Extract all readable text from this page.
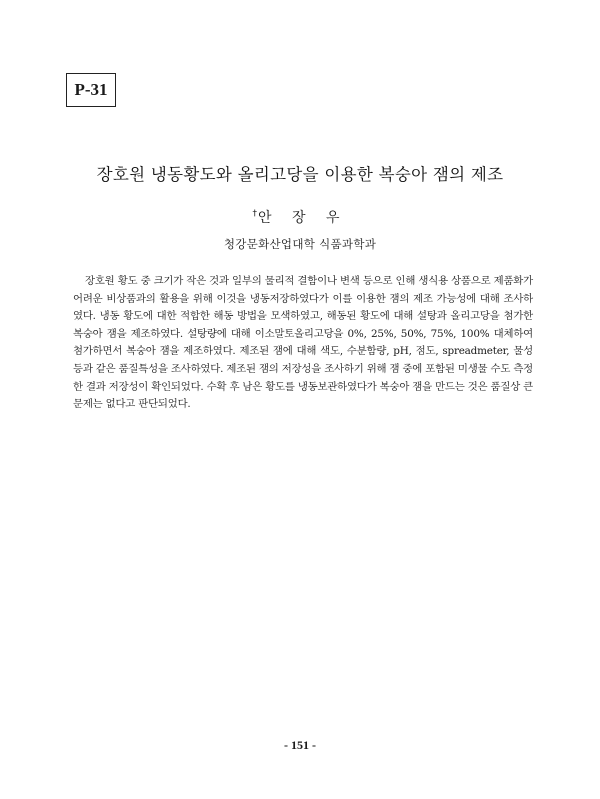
P-31
장호원 냉동황도와 올리고당을 이용한 복숭아 잼의 제조
†안 장 우
청강문화산업대학 식품과학과

장호원 황도 중 크기가 작은 것과 일부의 물리적 결함이나 변색 등으로 인해 생식용 상품으로 제품화가 어려운 비상품과의 활용을 위해 이것을 냉동저장하였다가 이를 이용한 잼의 제조 가능성에 대해 조사하였다. 냉동 황도에 대한 적합한 해동 방법을 모색하였고, 해동된 황도에 대해 설탕과 올리고당을 첨가한 복숭아 잼을 제조하였다. 설탕량에 대해 이소말토올리고당을 0%, 25%, 50%, 75%, 100% 대체하여 첨가하면서 복숭아 잼을 제조하였다. 제조된 잼에 대해 색도, 수분함량, pH, 점도, spreadmeter, 물성 등과 같은 품질특성을 조사하였다. 제조된 잼의 저장성을 조사하기 위해 잼 중에 포함된 미생물 수도 측정한 결과 저장성이 확인되었다. 수확 후 남은 황도를 냉동보관하였다가 복숭아 잼을 만드는 것은 품질상 큰 문제는 없다고 판단되었다.

- 151 -
